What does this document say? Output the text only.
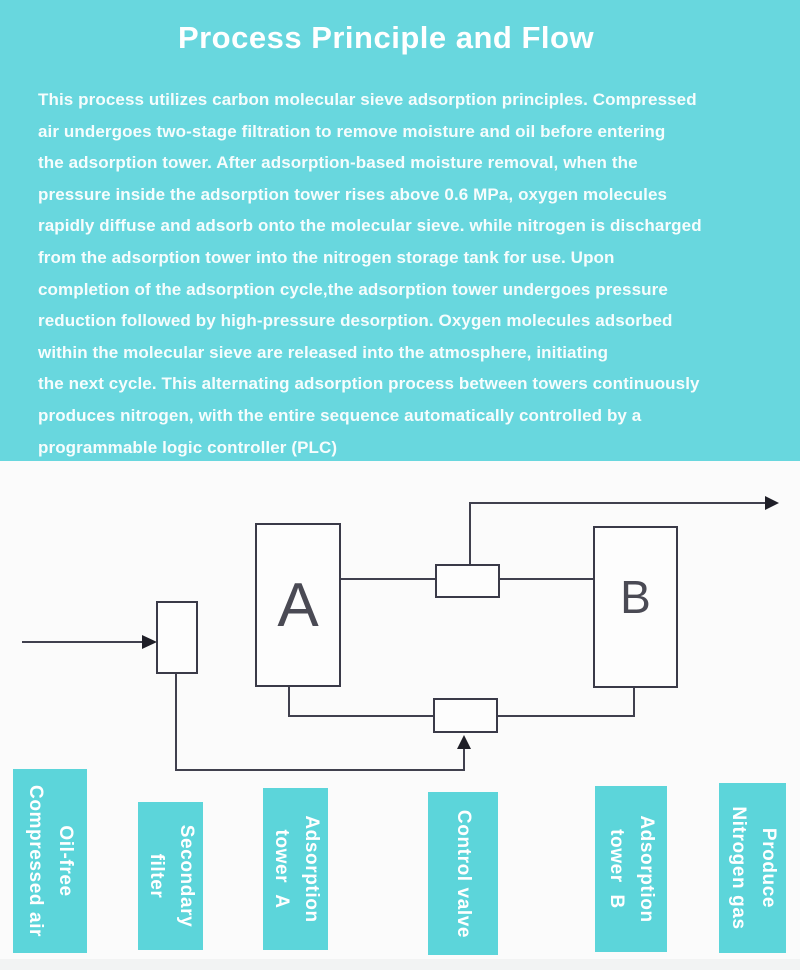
Process Principle and Flow
This process utilizes carbon molecular sieve adsorption principles. Compressed
air undergoes two-stage filtration to remove moisture and oil before entering
the adsorption tower. After adsorption-based moisture removal, when the
pressure inside the adsorption tower rises above 0.6 MPa, oxygen molecules
rapidly diffuse and adsorb onto the molecular sieve. while nitrogen is discharged
from the adsorption tower into the nitrogen storage tank for use. Upon
completion of the adsorption cycle,the adsorption tower undergoes pressure
reduction followed by high-pressure desorption. Oxygen molecules adsorbed
within the molecular sieve are released into the atmosphere, initiating
the next cycle. This alternating adsorption process between towers continuously
produces nitrogen, with the entire sequence automatically controlled by a
programmable logic controller (PLC)
A	B
Oil-free
Compressed air	Secondary
filter	Adsorption
tower  A	Control valve	Adsorption
tower  B	Produce
Nitrogen gas
